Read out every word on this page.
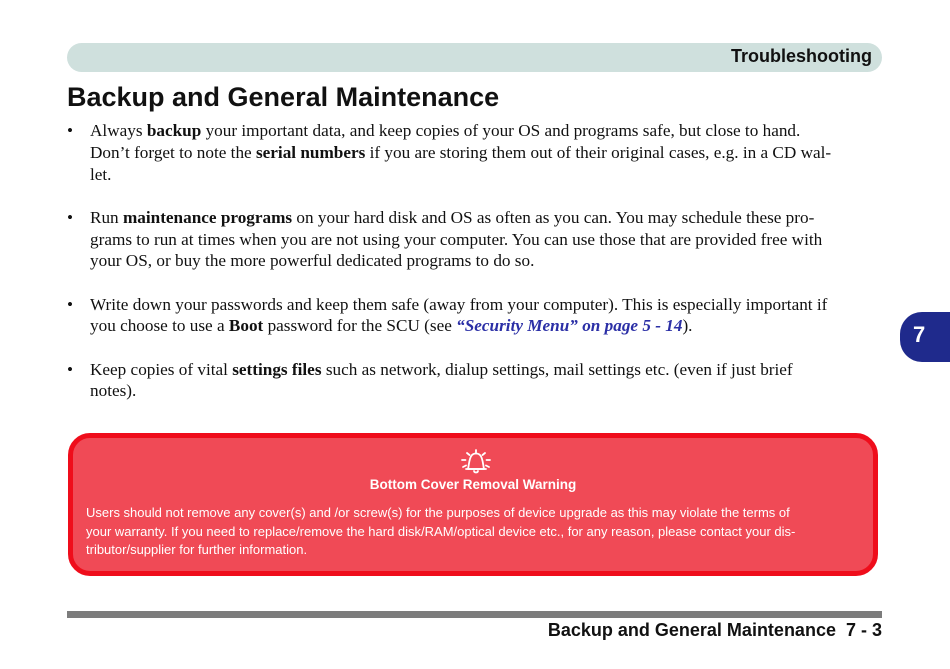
Troubleshooting
Backup and General Maintenance
• Always backup your important data, and keep copies of your OS and programs safe, but close to hand.
Don’t forget to note the serial numbers if you are storing them out of their original cases, e.g. in a CD wal-
let.
• Run maintenance programs on your hard disk and OS as often as you can. You may schedule these pro-
grams to run at times when you are not using your computer. You can use those that are provided free with
your OS, or buy the more powerful dedicated programs to do so.
• Write down your passwords and keep them safe (away from your computer). This is especially important if
you choose to use a Boot password for the SCU (see “Security Menu” on page 5 - 14).
• Keep copies of vital settings files such as network, dialup settings, mail settings etc. (even if just brief
notes).
7
Bottom Cover Removal Warning
Users should not remove any cover(s) and /or screw(s) for the purposes of device upgrade as this may violate the terms of
your warranty. If you need to replace/remove the hard disk/RAM/optical device etc., for any reason, please contact your dis-
tributor/supplier for further information.
Backup and General Maintenance 7 - 3
